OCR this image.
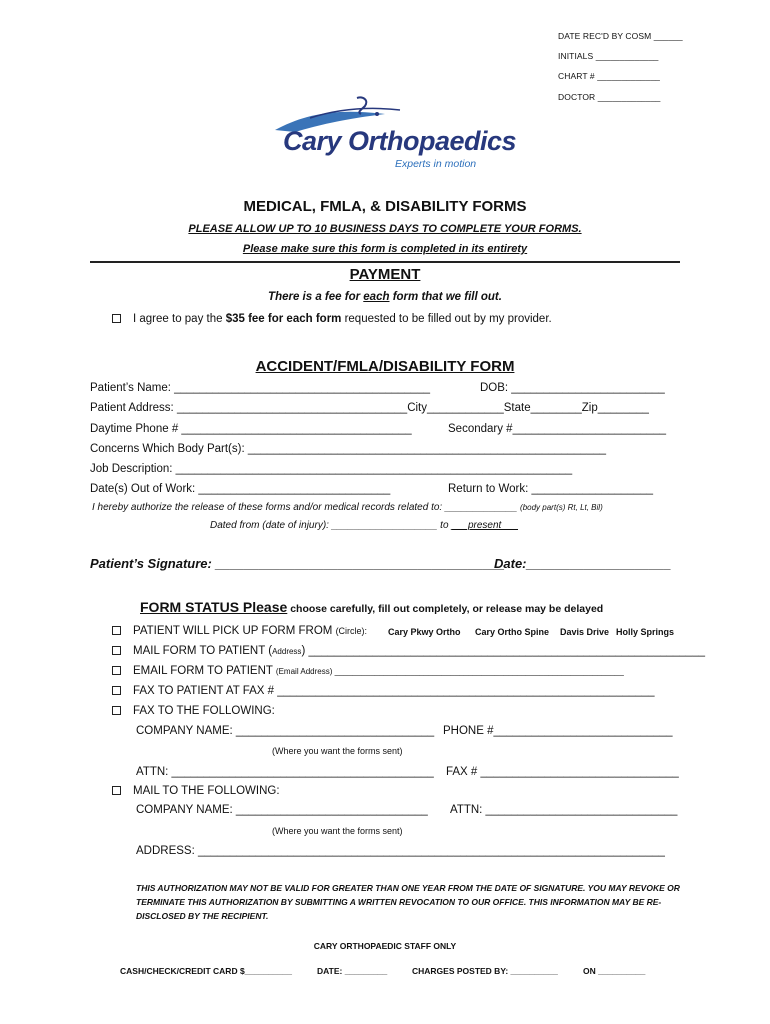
DATE REC'D BY COSM ______
INITIALS _____________
CHART # _____________
DOCTOR _____________
Cary Orthopaedics
Experts in motion
MEDICAL, FMLA, & DISABILITY FORMS
PLEASE ALLOW UP TO 10 BUSINESS DAYS TO COMPLETE YOUR FORMS.
Please make sure this form is completed in its entirety
PAYMENT
There is a fee for each form that we fill out.
I agree to pay the $35 fee for each form requested to be filled out by my provider.
ACCIDENT/FMLA/DISABILITY FORM
Patient’s Name: ________________________________________	DOB: ________________________
Patient Address: ____________________________________City____________State________Zip________
Daytime Phone # ____________________________________	Secondary #________________________
Concerns Which Body Part(s): ________________________________________________________
Job Description: ______________________________________________________________
Date(s) Out of Work: ______________________________	Return to Work: ___________________
I hereby authorize the release of these forms and/or medical records related to: _____________ (body part(s) Rt, Lt, Bil)
Dated from (date of injury): ___________________ to ___present___
Patient’s Signature: ________________________________________
Date:____________________
FORM STATUS Please choose carefully, fill out completely, or release may be delayed
PATIENT WILL PICK UP FORM FROM (Circle): Cary Pkwy Ortho Cary Ortho Spine Davis Drive Holly Springs
MAIL FORM TO PATIENT (Address) ______________________________________________________________
EMAIL FORM TO PATIENT (Email Address) _________________________________________________________________
FAX TO PATIENT AT FAX # ___________________________________________________________
FAX TO THE FOLLOWING:
COMPANY NAME: _______________________________ PHONE #____________________________
(Where you want the forms sent)
ATTN: _________________________________________ FAX # _______________________________
MAIL TO THE FOLLOWING:
COMPANY NAME: ______________________________ ATTN: ______________________________
(Where you want the forms sent)
ADDRESS: _________________________________________________________________________
THIS AUTHORIZATION MAY NOT BE VALID FOR GREATER THAN ONE YEAR FROM THE DATE OF SIGNATURE. YOU MAY REVOKE OR
TERMINATE THIS AUTHORIZATION BY SUBMITTING A WRITTEN REVOCATION TO OUR OFFICE. THIS INFORMATION MAY BE RE-
DISCLOSED BY THE RECIPIENT.
CARY ORTHOPAEDIC STAFF ONLY
CASH/CHECK/CREDIT CARD $__________	DATE: _________	CHARGES POSTED BY: __________	ON __________
